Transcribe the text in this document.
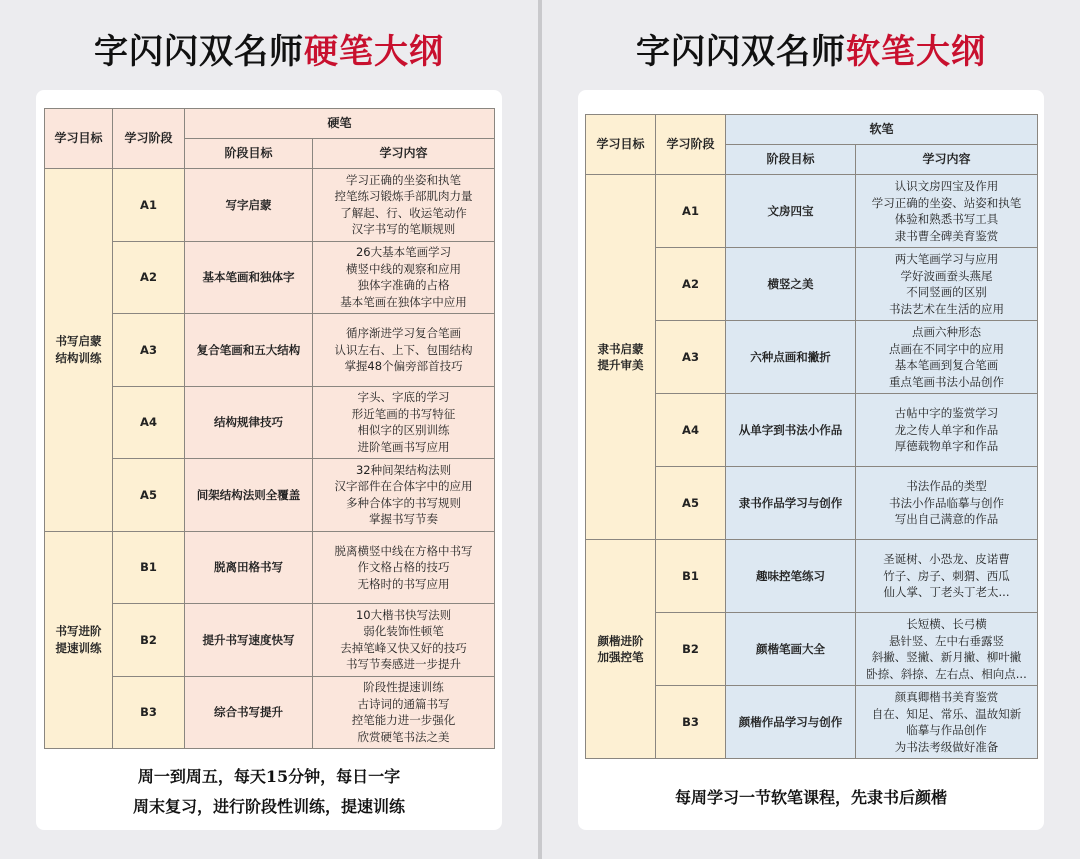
字闪闪双名师硬笔大纲
学习目标	学习阶段	硬笔	
		阶段目标	学习内容

书写启蒙
结构训练	A1	写字启蒙	学习正确的坐姿和执笔
控笔练习锻炼手部肌肉力量
了解起、行、收运笔动作
汉字书写的笔顺规则

	A2	基本笔画和独体字	26大基本笔画学习
横竖中线的观察和应用
独体字准确的占格
基本笔画在独体字中应用

	A3	复合笔画和五大结构	循序渐进学习复合笔画
认识左右、上下、包围结构
掌握48个偏旁部首技巧

	A4	结构规律技巧	字头、字底的学习
形近笔画的书写特征
相似字的区别训练
进阶笔画书写应用

	A5	间架结构法则全覆盖	32种间架结构法则
汉字部件在合体字中的应用
多种合体字的书写规则
掌握书写节奏

书写进阶
提速训练	B1	脱离田格书写	脱离横竖中线在方格中书写
作文格占格的技巧
无格时的书写应用

	B2	提升书写速度快写	10大楷书快写法则
弱化装饰性顿笔
去掉笔峰又快又好的技巧
书写节奏感进一步提升

	B3	综合书写提升	阶段性提速训练
古诗词的通篇书写
控笔能力进一步强化
欣赏硬笔书法之美
周一到周五，每天15分钟，每日一字
周末复习，进行阶段性训练，提速训练
字闪闪双名师软笔大纲
学习目标	学习阶段	软笔	
		阶段目标	学习内容

隶书启蒙
提升审美	A1	文房四宝	认识文房四宝及作用
学习正确的坐姿、站姿和执笔
体验和熟悉书写工具
隶书曹全碑美育鉴赏

	A2	横竖之美	两大笔画学习与应用
学好波画蚕头燕尾
不同竖画的区别
书法艺术在生活的应用

	A3	六种点画和撇折	点画六种形态
点画在不同字中的应用
基本笔画到复合笔画
重点笔画书法小品创作

	A4	从单字到书法小作品	古帖中字的鉴赏学习
龙之传人单字和作品
厚德载物单字和作品

	A5	隶书作品学习与创作	书法作品的类型
书法小作品临摹与创作
写出自己满意的作品

颜楷进阶
加强控笔	B1	趣味控笔练习	圣诞树、小恐龙、皮诺曹
竹子、房子、刺猬、西瓜
仙人掌、丁老头丁老太...

	B2	颜楷笔画大全	长短横、长弓横
悬针竖、左中右垂露竖
斜撇、竖撇、新月撇、柳叶撇
卧捺、斜捺、左右点、相向点...

	B3	颜楷作品学习与创作	颜真卿楷书美育鉴赏
自在、知足、常乐、温故知新
临摹与作品创作
为书法考级做好准备
每周学习一节软笔课程，先隶书后颜楷
